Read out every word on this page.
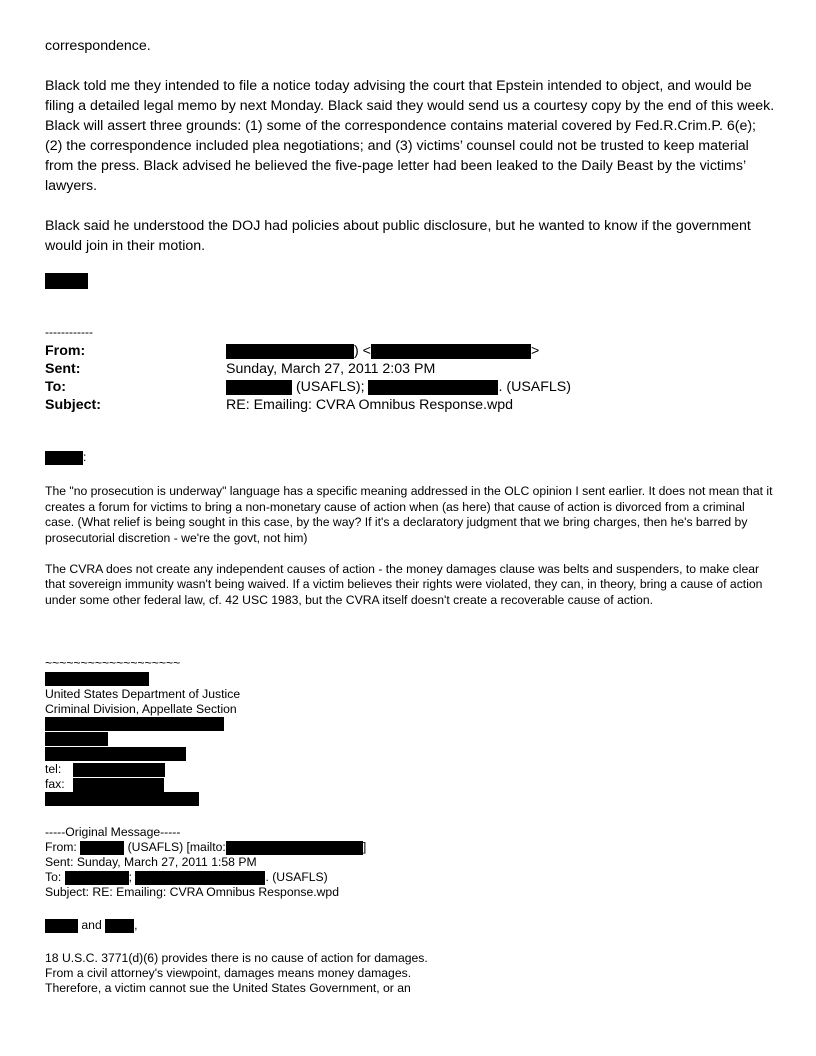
correspondence.

Black told me they intended to file a notice today advising the court that Epstein intended to object, and would be filing a detailed legal memo by next Monday. Black said they would send us a courtesy copy by the end of this week. Black will assert three grounds: (1) some of the correspondence contains material covered by Fed.R.Crim.P. 6(e); (2) the correspondence included plea negotiations; and (3) victims’ counsel could not be trusted to keep material from the press. Black advised he believed the five-page letter had been leaked to the Daily Beast by the victims’ lawyers.

Black said he understood the DOJ had policies about public disclosure, but he wanted to know if the government would join in their motion.

------------
From:	) <	>
Sent:	Sunday, March 27, 2011 2:03 PM
To:	(USAFLS);	. (USAFLS)
Subject:	RE: Emailing: CVRA Omnibus Response.wpd
:

The "no prosecution is underway" language has a specific meaning addressed in the OLC opinion I sent earlier. It does not mean that it creates a forum for victims to bring a non-monetary cause of action when (as here) that cause of action is divorced from a criminal case. (What relief is being sought in this case, by the way? If it's a declaratory judgment that we bring charges, then he's barred by prosecutorial discretion - we're the govt, not him)

The CVRA does not create any independent causes of action - the money damages clause was belts and suspenders, to make clear that sovereign immunity wasn't being waived. If a victim believes their rights were violated, they can, in theory, bring a cause of action under some other federal law, cf. 42 USC 1983, but the CVRA itself doesn't create a recoverable cause of action.

~~~~~~~~~~~~~~~~~~~
United States Department of Justice
Criminal Division, Appellate Section
tel:
fax:
-----Original Message-----
From:	(USAFLS) [mailto:	]
Sent: Sunday, March 27, 2011 1:58 PM
To:	;	. (USAFLS)
Subject: RE: Emailing: CVRA Omnibus Response.wpd
and ,
18 U.S.C. 3771(d)(6) provides there is no cause of action for damages.
From a civil attorney's viewpoint, damages means money damages.
Therefore, a victim cannot sue the United States Government, or an
